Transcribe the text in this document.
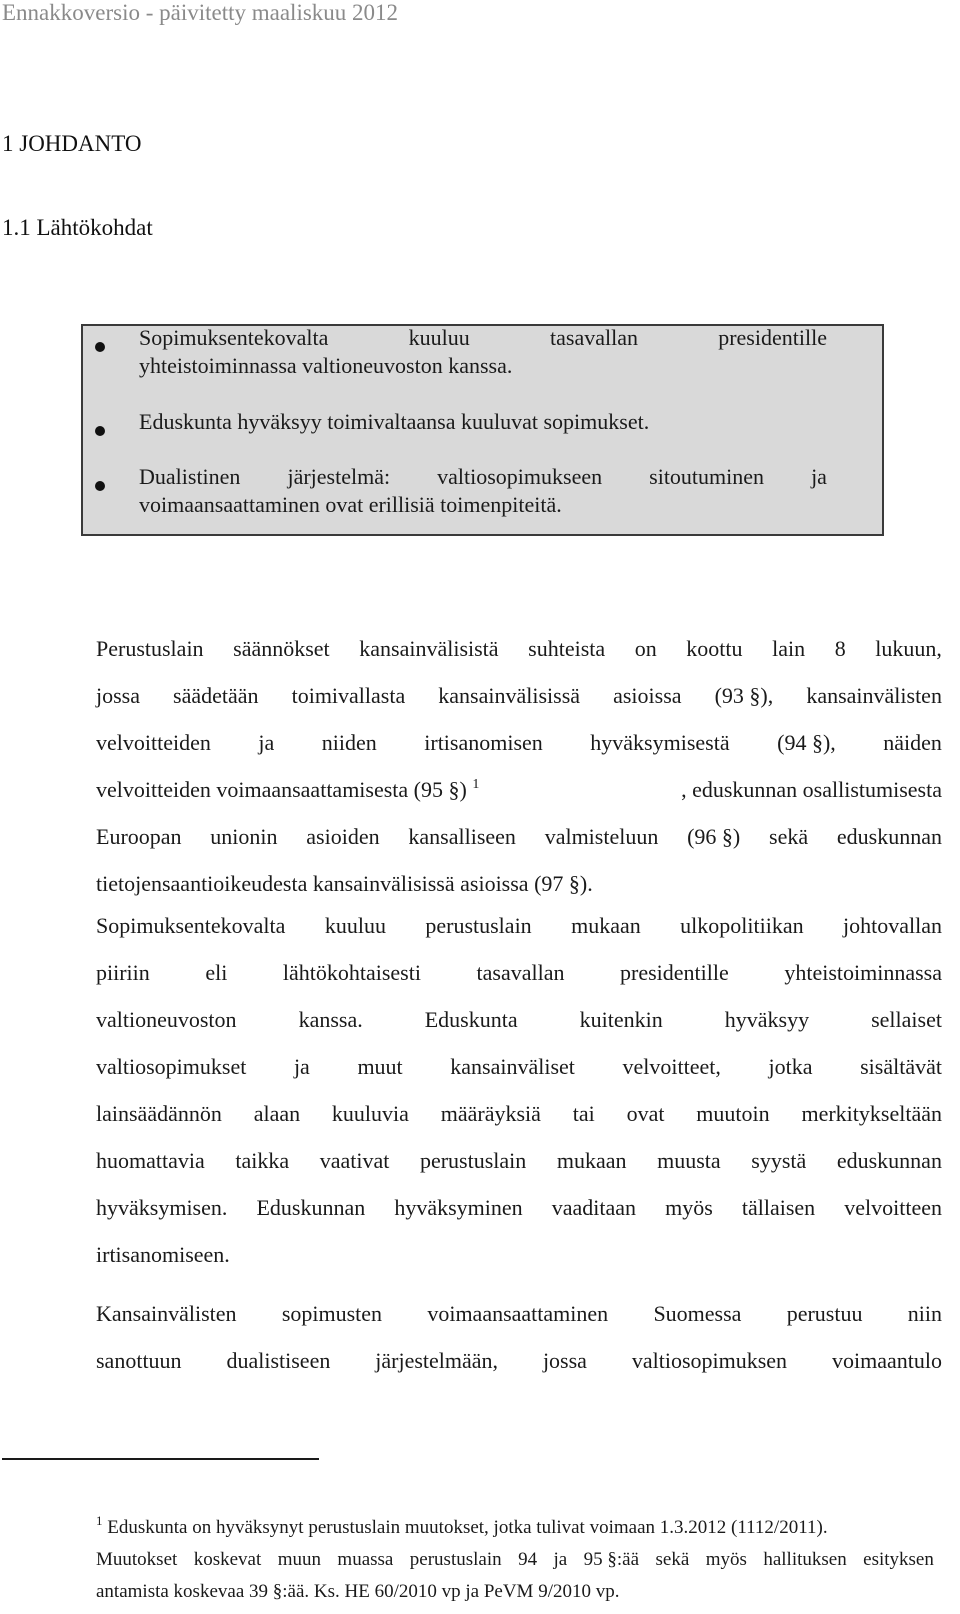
Ennakkoversio - päivitetty maaliskuu 2012
1 JOHDANTO
1.1 Lähtökohdat
Sopimuksentekovalta	kuuluu	tasavallan	presidentille
yhteistoiminnassa valtioneuvoston kanssa.
Eduskunta hyväksyy toimivaltaansa kuuluvat sopimukset.
Dualistinen järjestelmä: valtiosopimukseen sitoutuminen ja
voimaansaattaminen ovat erillisiä toimenpiteitä.
Perustuslain säännökset kansainvälisistä suhteista on koottu lain 8 lukuun,
jossa säädetään toimivallasta kansainvälisissä asioissa (93 §), kansainvälisten
velvoitteiden ja niiden irtisanomisen hyväksymisestä (94 §), näiden
velvoitteiden voimaansaattamisesta (95 §) $^1$	, eduskunnan osallistumisesta
Euroopan unionin asioiden kansalliseen valmisteluun (96 §) sekä eduskunnan
tietojensaantioikeudesta kansainvälisissä asioissa (97 §).
Sopimuksentekovalta kuuluu perustuslain mukaan ulkopolitiikan johtovallan
piiriin	eli	lähtökohtaisesti	tasavallan	presidentille	yhteistoiminnassa
valtioneuvoston	kanssa.	Eduskunta	kuitenkin	hyväksyy	sellaiset
valtiosopimukset ja muut kansainväliset velvoitteet, jotka sisältävät
lainsäädännön alaan kuuluvia määräyksiä tai ovat muutoin merkitykseltään
huomattavia taikka vaativat perustuslain mukaan muusta syystä eduskunnan
hyväksymisen. Eduskunnan hyväksyminen vaaditaan myös tällaisen velvoitteen
irtisanomiseen.
Kansainvälisten sopimusten voimaansaattaminen Suomessa perustuu niin
sanottuun dualistiseen järjestelmään, jossa valtiosopimuksen voimaantulo
$^1$ Eduskunta on hyväksynyt perustuslain muutokset, jotka tulivat voimaan 1.3.2012 (1112/2011).
Muutokset koskevat muun muassa perustuslain 94 ja 95 §:ää sekä myös hallituksen esityksen
antamista koskevaa 39 §:ää. Ks. HE 60/2010 vp ja PeVM 9/2010 vp.
